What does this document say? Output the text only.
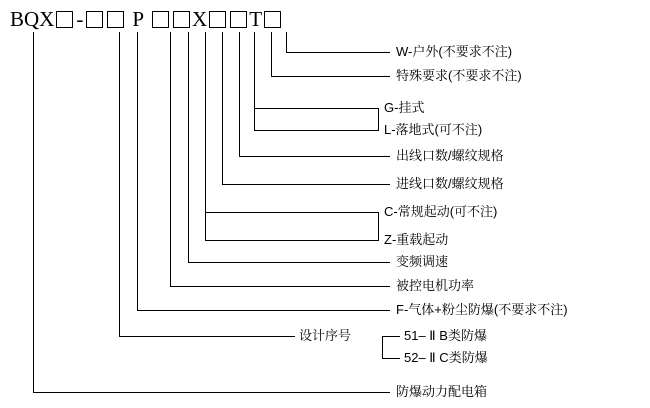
BQX - P X T
W-户外(不要求不注)
特殊要求(不要求不注)
G-挂式
L-落地式(可不注)
出线口数/螺纹规格
进线口数/螺纹规格
C-常规起动(可不注)
Z-重载起动
变频调速
被控电机功率
F-气体+粉尘防爆(不要求不注)
设计序号	51– Ⅱ B类防爆
52– Ⅱ C类防爆
防爆动力配电箱
